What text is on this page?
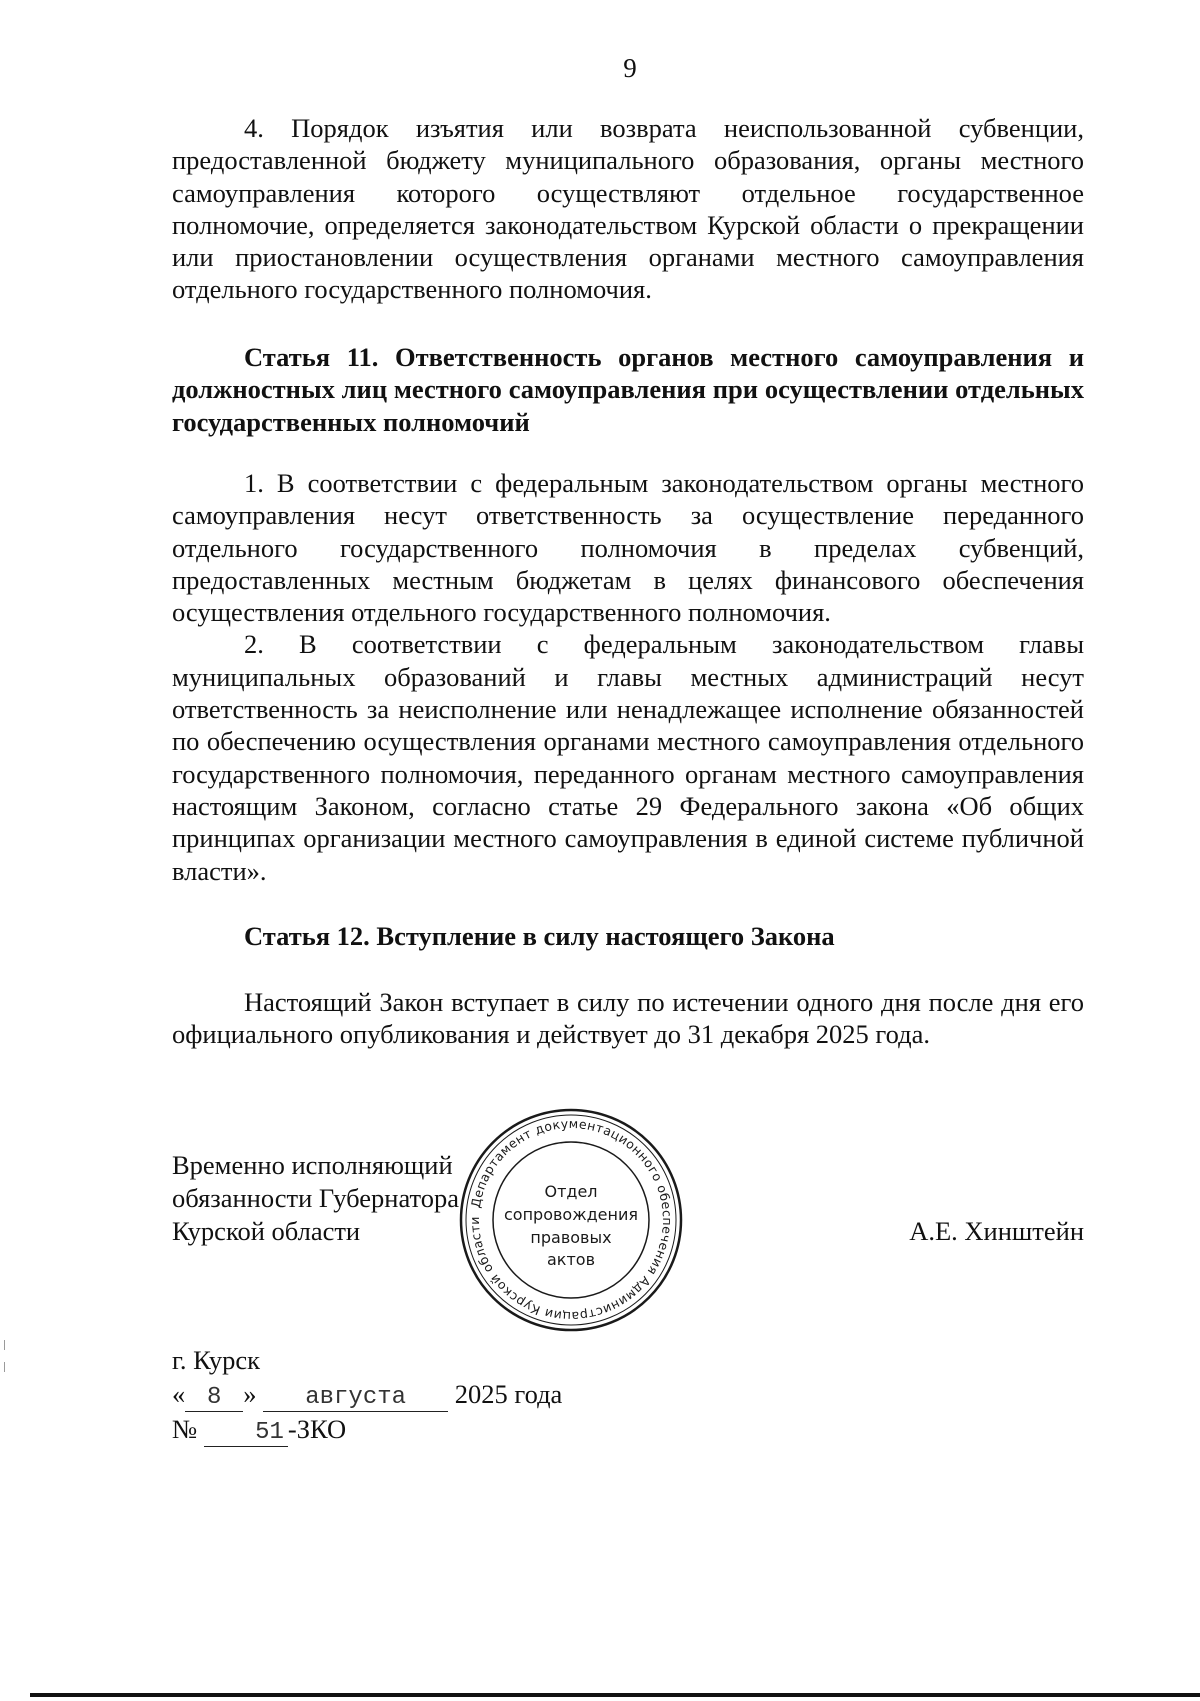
9

4. Порядок изъятия или возврата неиспользованной субвенции, предоставленной бюджету муниципального образования, органы местного самоуправления которого осуществляют отдельное государственное полномочие, определяется законодательством Курской области о прекращении или приостановлении осуществления органами местного самоуправления отдельного государственного полномочия.

Статья 11. Ответственность органов местного самоуправления и должностных лиц местного самоуправления при осуществлении отдельных государственных полномочий

1. В соответствии с федеральным законодательством органы местного самоуправления несут ответственность за осуществление переданного отдельного государственного полномочия в пределах субвенций, предоставленных местным бюджетам в целях финансового обеспечения осуществления отдельного государственного полномочия.

2. В соответствии с федеральным законодательством главы муниципальных образований и главы местных администраций несут ответственность за неисполнение или ненадлежащее исполнение обязанностей по обеспечению осуществления органами местного самоуправления отдельного государственного полномочия, переданного органам местного самоуправления настоящим Законом, согласно статье 29 Федерального закона «Об общих принципах организации местного самоуправления в единой системе публичной власти».

Статья 12. Вступление в силу настоящего Закона

Настоящий Закон вступает в силу по истечении одного дня после дня его официального опубликования и действует до 31 декабря 2025 года.

Временно исполняющий
обязанности Губернатора
Курской области
Департамент документационного обеспечения Администрации Курской области
Отдел
сопровождения
правовых
актов
А.Е. Хинштейн
г. Курск
« 8 » августа 2025 года
№ 51 -ЗКО
